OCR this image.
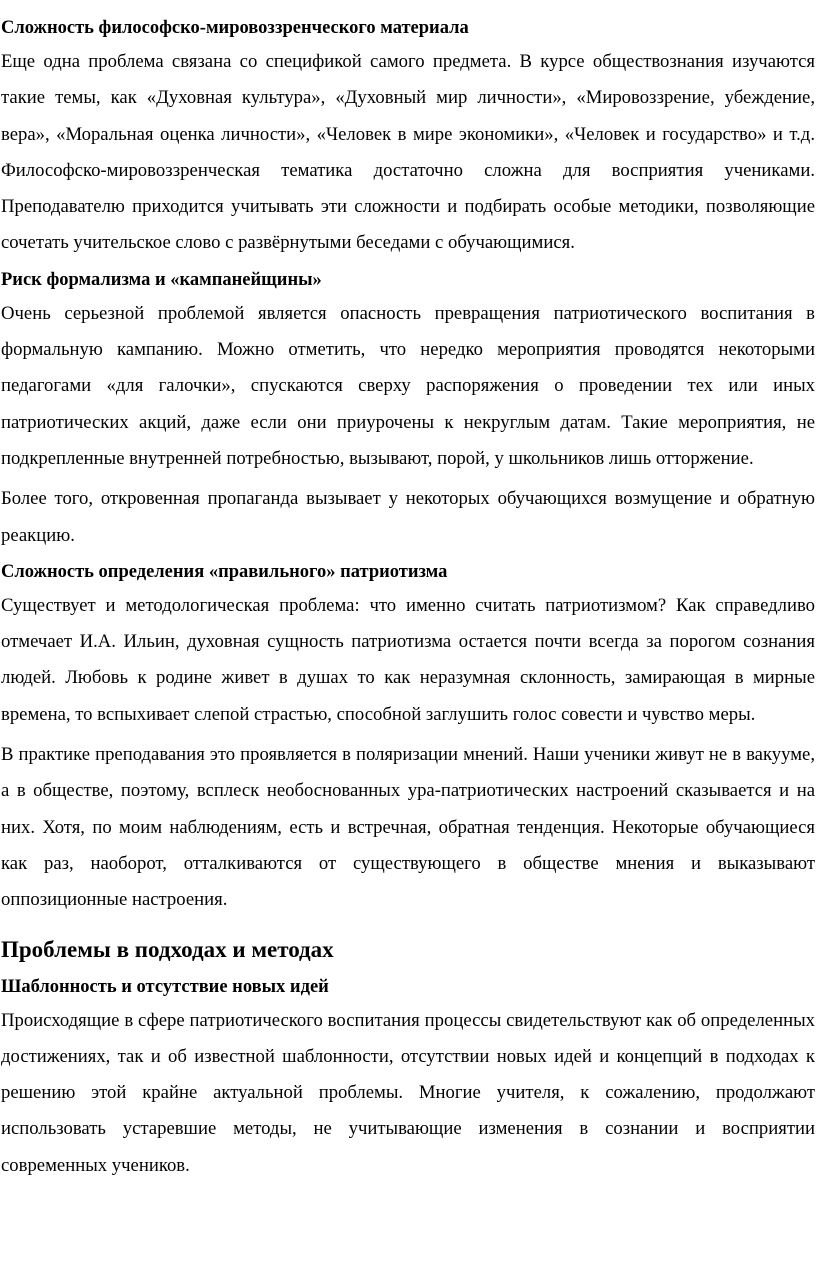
Сложность философско-мировоззренческого материала
Еще одна проблема связана со спецификой самого предмета. В курсе обществознания изучаются такие темы, как «Духовная культура», «Духовный мир личности», «Мировоззрение, убеждение, вера», «Моральная оценка личности», «Человек в мире экономики», «Человек и государство» и т.д. Философско-мировоззренческая тематика достаточно сложна для восприятия учениками. Преподавателю приходится учитывать эти сложности и подбирать особые методики, позволяющие сочетать учительское слово с развёрнутыми беседами с обучающимися.
Риск формализма и «кампанейщины»
Очень серьезной проблемой является опасность превращения патриотического воспитания в формальную кампанию. Можно отметить, что нередко мероприятия проводятся некоторыми педагогами «для галочки», спускаются сверху распоряжения о проведении тех или иных патриотических акций, даже если они приурочены к некруглым датам. Такие мероприятия, не подкрепленные внутренней потребностью, вызывают, порой, у школьников лишь отторжение.
Более того, откровенная пропаганда вызывает у некоторых обучающихся возмущение и обратную реакцию.
Сложность определения «правильного» патриотизма
Существует и методологическая проблема: что именно считать патриотизмом? Как справедливо отмечает И.А. Ильин, духовная сущность патриотизма остается почти всегда за порогом сознания людей. Любовь к родине живет в душах то как неразумная склонность, замирающая в мирные времена, то вспыхивает слепой страстью, способной заглушить голос совести и чувство меры.
В практике преподавания это проявляется в поляризации мнений. Наши ученики живут не в вакууме, а в обществе, поэтому, всплеск необоснованных ура-патриотических настроений сказывается и на них. Хотя, по моим наблюдениям, есть и встречная, обратная тенденция. Некоторые обучающиеся как раз, наоборот, отталкиваются от существующего в обществе мнения и выказывают оппозиционные настроения.
Проблемы в подходах и методах
Шаблонность и отсутствие новых идей
Происходящие в сфере патриотического воспитания процессы свидетельствуют как об определенных достижениях, так и об известной шаблонности, отсутствии новых идей и концепций в подходах к решению этой крайне актуальной проблемы. Многие учителя, к сожалению, продолжают использовать устаревшие методы, не учитывающие изменения в сознании и восприятии современных учеников.
